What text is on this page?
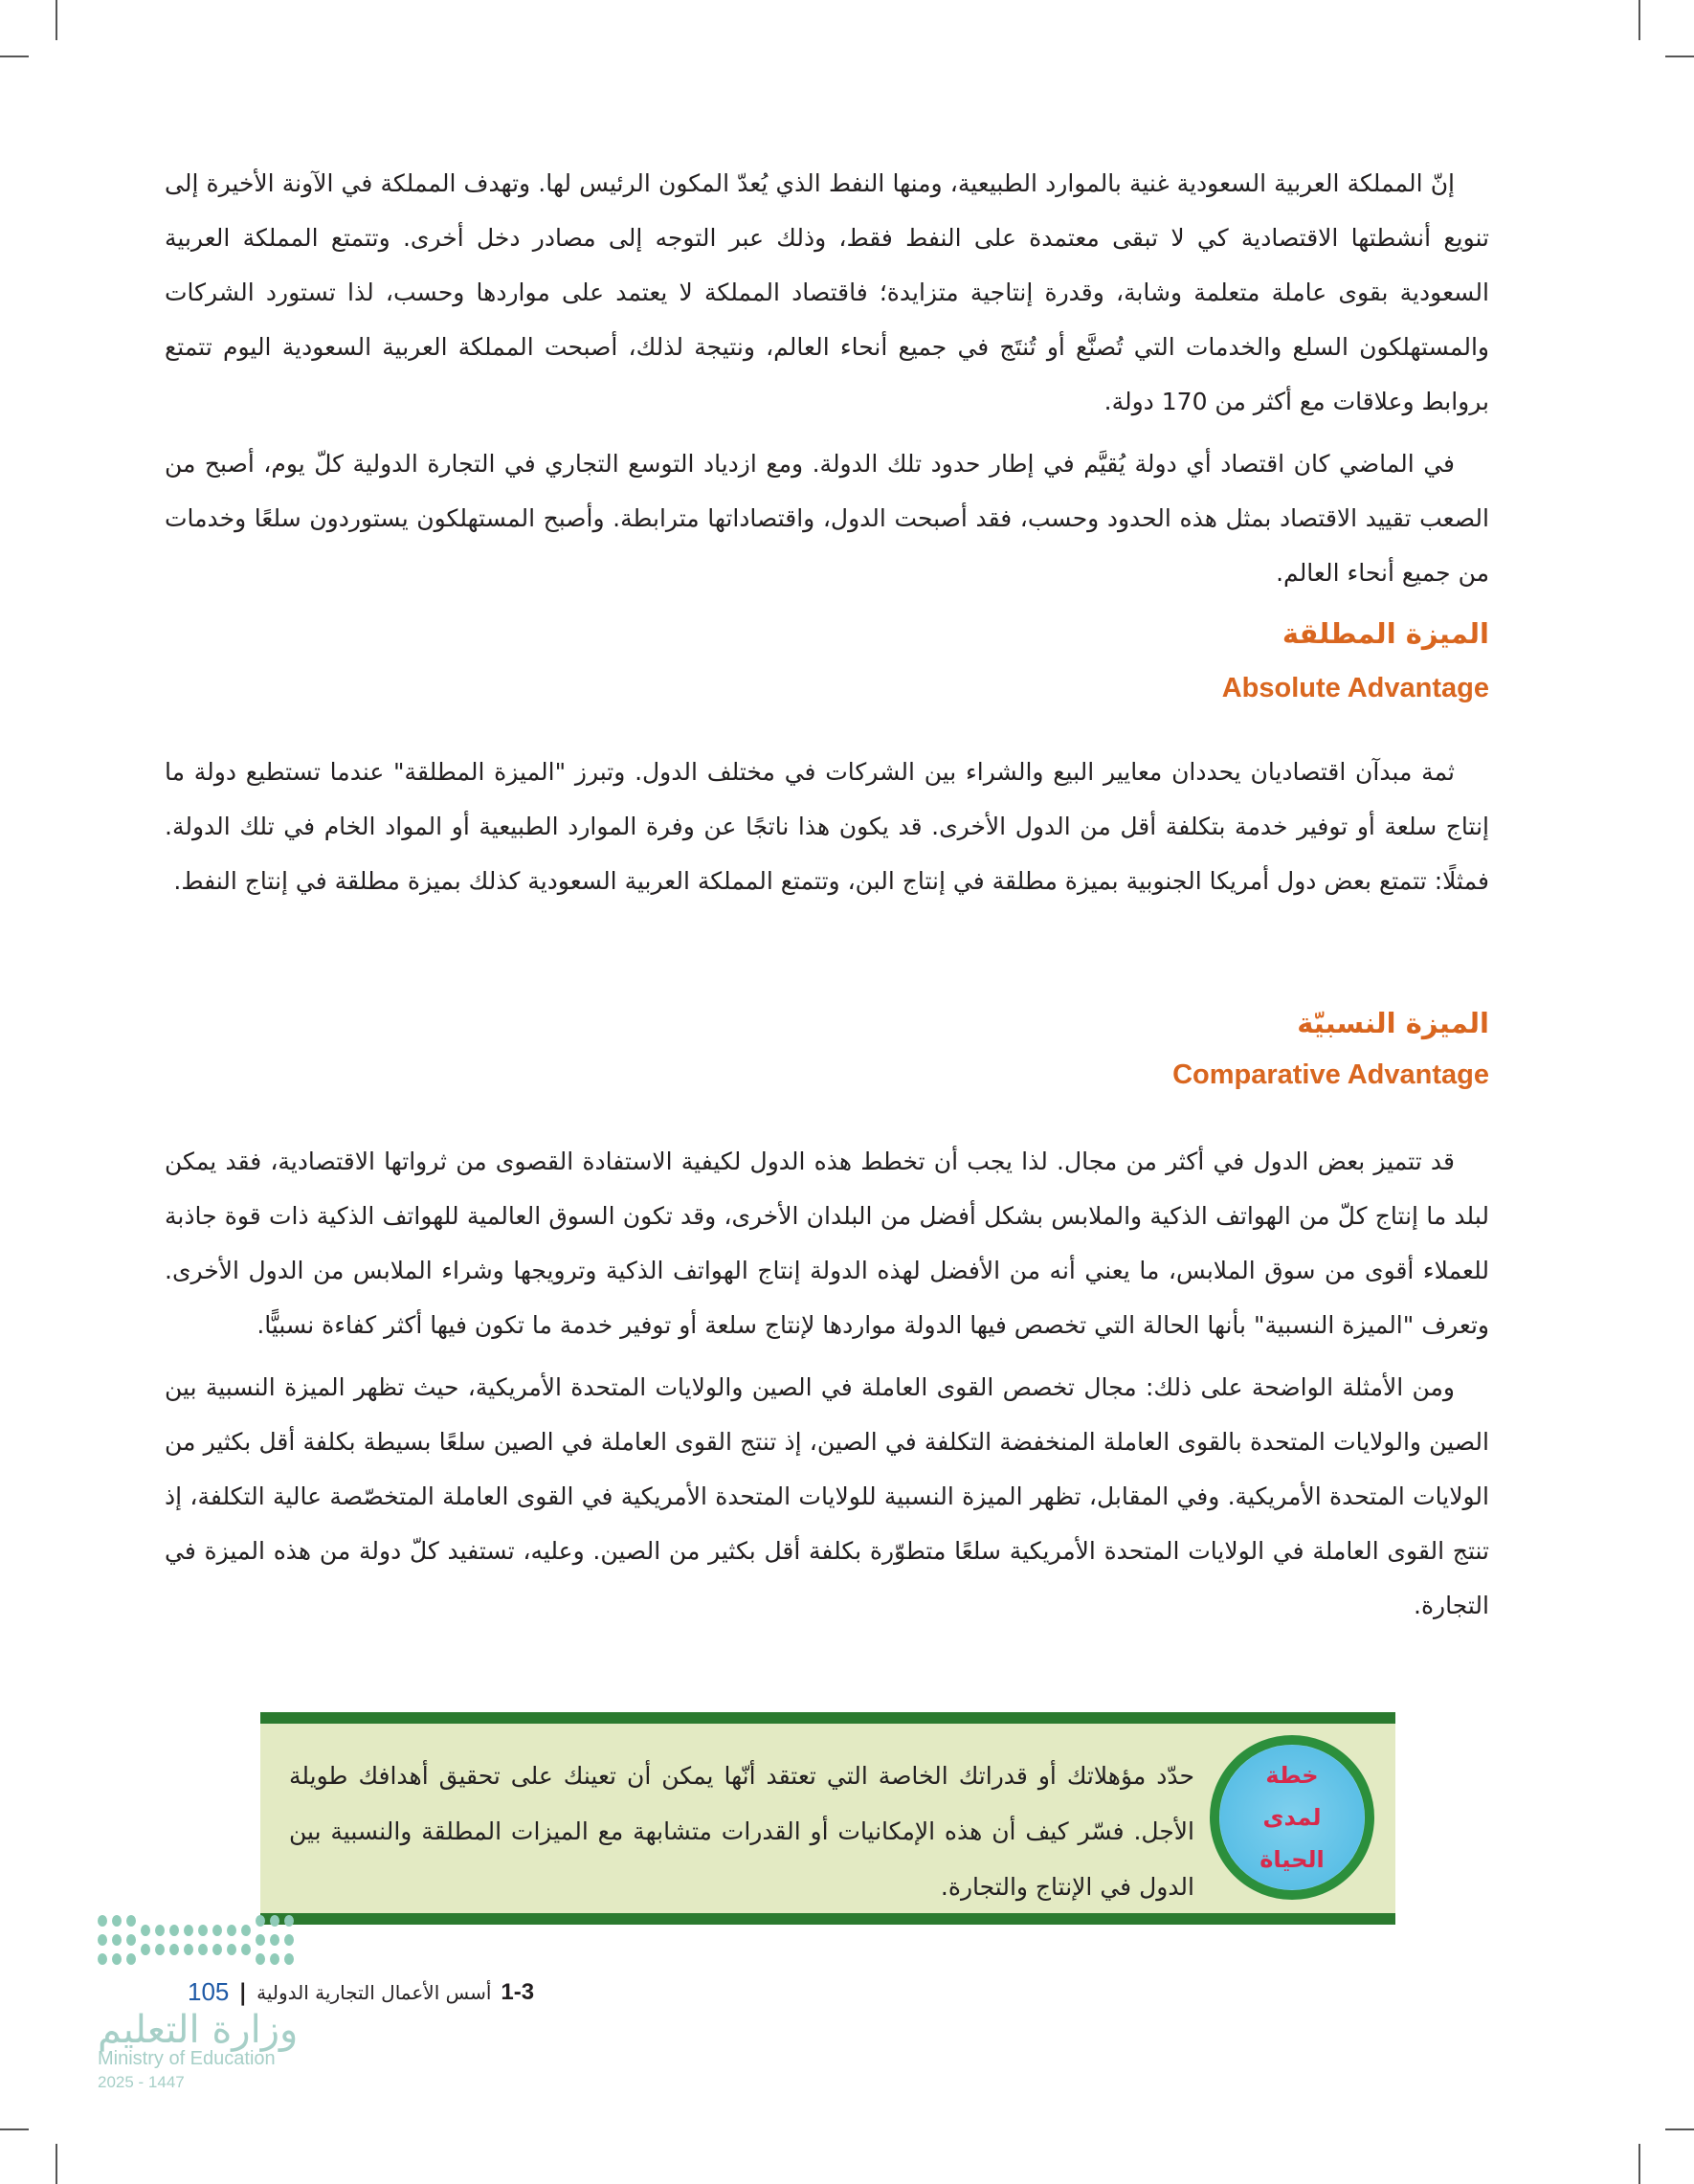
إنّ المملكة العربية السعودية غنية بالموارد الطبيعية، ومنها النفط الذي يُعدّ المكون الرئيس لها. وتهدف المملكة في الآونة الأخيرة إلى تنويع أنشطتها الاقتصادية كي لا تبقى معتمدة على النفط فقط، وذلك عبر التوجه إلى مصادر دخل أخرى. وتتمتع المملكة العربية السعودية بقوى عاملة متعلمة وشابة، وقدرة إنتاجية متزايدة؛ فاقتصاد المملكة لا يعتمد على مواردها وحسب، لذا تستورد الشركات والمستهلكون السلع والخدمات التي تُصنَّع أو تُنتَج في جميع أنحاء العالم، ونتيجة لذلك، أصبحت المملكة العربية السعودية اليوم تتمتع بروابط وعلاقات مع أكثر من 170 دولة.

في الماضي كان اقتصاد أي دولة يُقيَّم في إطار حدود تلك الدولة. ومع ازدياد التوسع التجاري في التجارة الدولية كلّ يوم، أصبح من الصعب تقييد الاقتصاد بمثل هذه الحدود وحسب، فقد أصبحت الدول، واقتصاداتها مترابطة. وأصبح المستهلكون يستوردون سلعًا وخدمات من جميع أنحاء العالم.

الميزة المطلقة
Absolute Advantage

ثمة مبدآن اقتصاديان يحددان معايير البيع والشراء بين الشركات في مختلف الدول. وتبرز "الميزة المطلقة" عندما تستطيع دولة ما إنتاج سلعة أو توفير خدمة بتكلفة أقل من الدول الأخرى. قد يكون هذا ناتجًا عن وفرة الموارد الطبيعية أو المواد الخام في تلك الدولة. فمثلًا: تتمتع بعض دول أمريكا الجنوبية بميزة مطلقة في إنتاج البن، وتتمتع المملكة العربية السعودية كذلك بميزة مطلقة في إنتاج النفط.

الميزة النسبيّة
Comparative Advantage

قد تتميز بعض الدول في أكثر من مجال. لذا يجب أن تخطط هذه الدول لكيفية الاستفادة القصوى من ثرواتها الاقتصادية، فقد يمكن لبلد ما إنتاج كلّ من الهواتف الذكية والملابس بشكل أفضل من البلدان الأخرى، وقد تكون السوق العالمية للهواتف الذكية ذات قوة جاذبة للعملاء أقوى من سوق الملابس، ما يعني أنه من الأفضل لهذه الدولة إنتاج الهواتف الذكية وترويجها وشراء الملابس من الدول الأخرى. وتعرف "الميزة النسبية" بأنها الحالة التي تخصص فيها الدولة مواردها لإنتاج سلعة أو توفير خدمة ما تكون فيها أكثر كفاءة نسبيًّا.

ومن الأمثلة الواضحة على ذلك: مجال تخصص القوى العاملة في الصين والولايات المتحدة الأمريكية، حيث تظهر الميزة النسبية بين الصين والولايات المتحدة بالقوى العاملة المنخفضة التكلفة في الصين، إذ تنتج القوى العاملة في الصين سلعًا بسيطة بكلفة أقل بكثير من الولايات المتحدة الأمريكية. وفي المقابل، تظهر الميزة النسبية للولايات المتحدة الأمريكية في القوى العاملة المتخصّصة عالية التكلفة، إذ تنتج القوى العاملة في الولايات المتحدة الأمريكية سلعًا متطوّرة بكلفة أقل بكثير من الصين. وعليه، تستفيد كلّ دولة من هذه الميزة في التجارة.

خطة لمدى الحياة
حدّد مؤهلاتك أو قدراتك الخاصة التي تعتقد أنّها يمكن أن تعينك على تحقيق أهدافك طويلة الأجل. فسّر كيف أن هذه الإمكانيات أو القدرات متشابهة مع الميزات المطلقة والنسبية بين الدول في الإنتاج والتجارة.
105 | أسس الأعمال التجارية الدولية 1-3
وزارة التعليم
Ministry of Education
2025 - 1447
